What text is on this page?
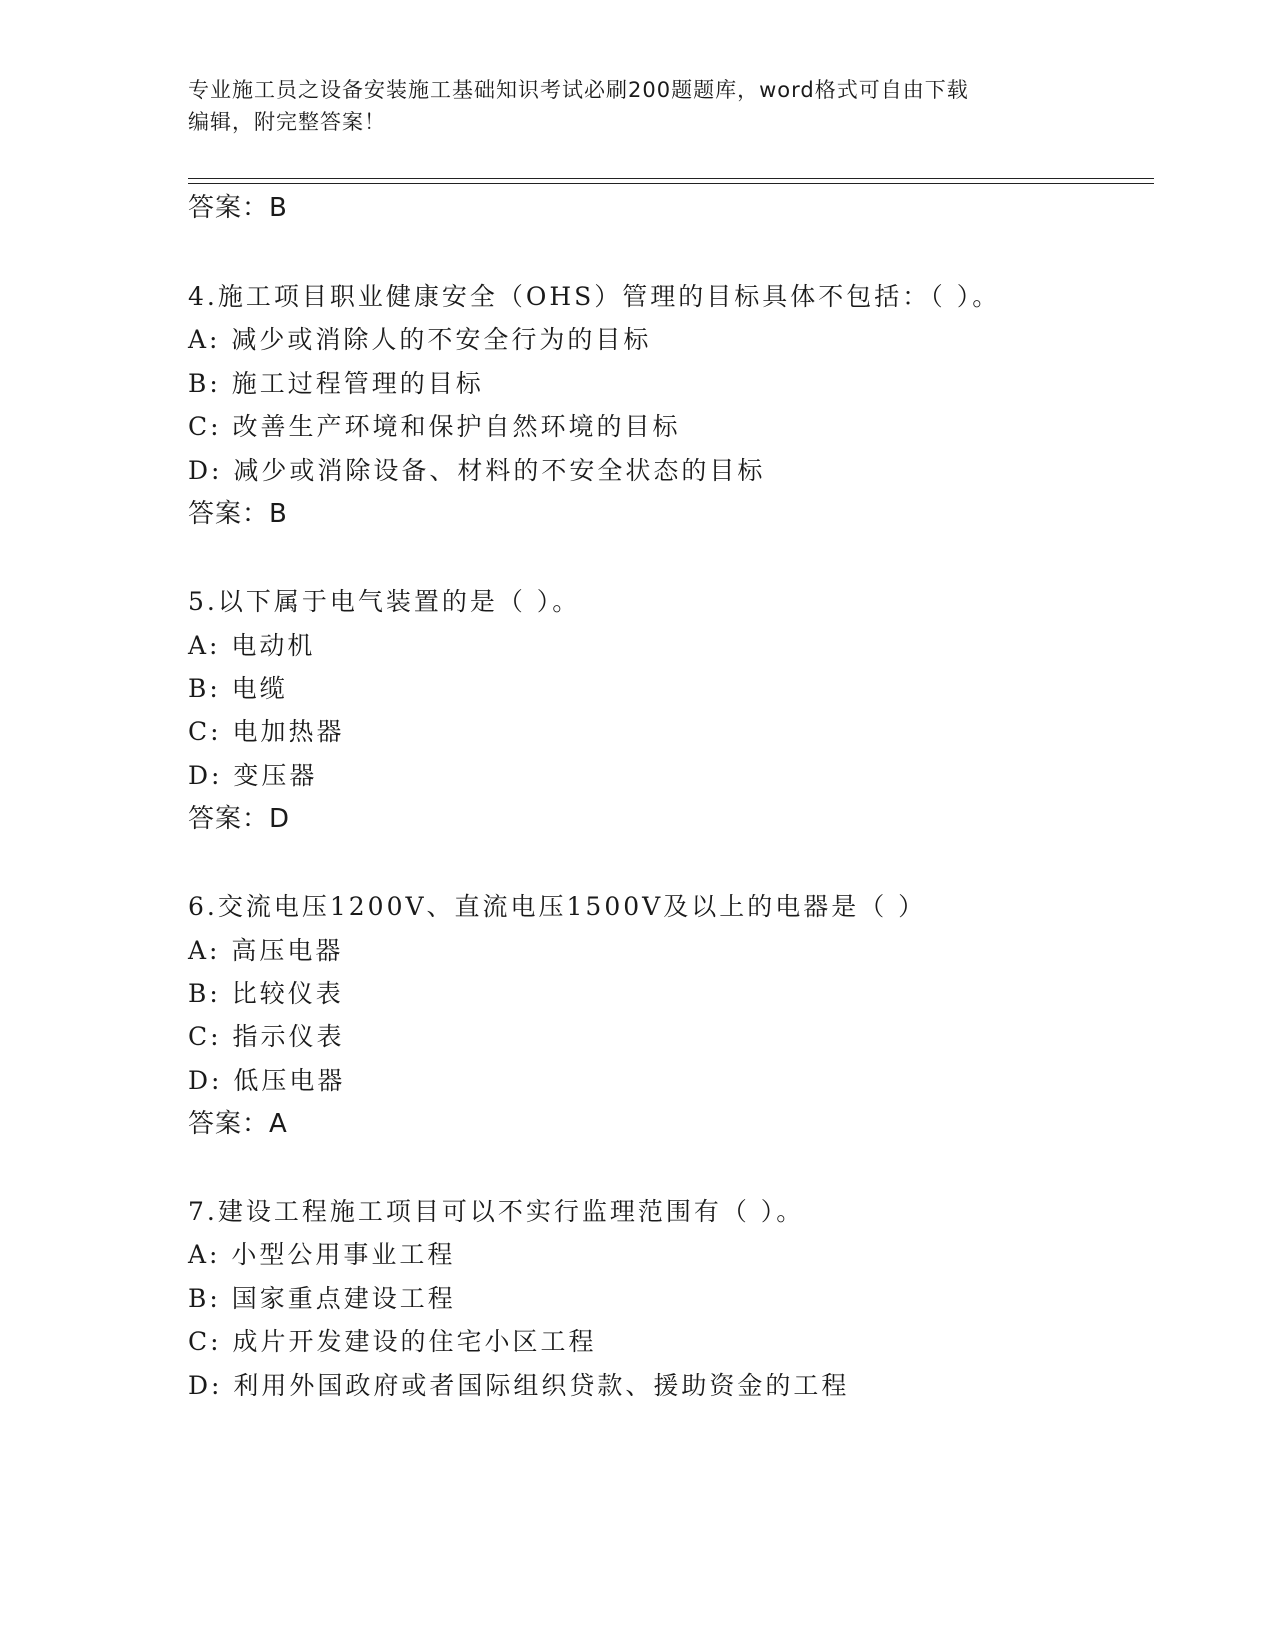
专业施工员之设备安装施工基础知识考试必刷200题题库，word格式可自由下载
编辑，附完整答案！
答案：B
4.施工项目职业健康安全（OHS）管理的目标具体不包括：（ ）。
A: 减少或消除人的不安全行为的目标
B: 施工过程管理的目标
C: 改善生产环境和保护自然环境的目标
D: 减少或消除设备、材料的不安全状态的目标
答案：B
5.以下属于电气装置的是（ ）。
A: 电动机
B: 电缆
C: 电加热器
D: 变压器
答案：D
6.交流电压1200V、直流电压1500V及以上的电器是（ ）
A: 高压电器
B: 比较仪表
C: 指示仪表
D: 低压电器
答案：A
7.建设工程施工项目可以不实行监理范围有（ ）。
A: 小型公用事业工程
B: 国家重点建设工程
C: 成片开发建设的住宅小区工程
D: 利用外国政府或者国际组织贷款、援助资金的工程
